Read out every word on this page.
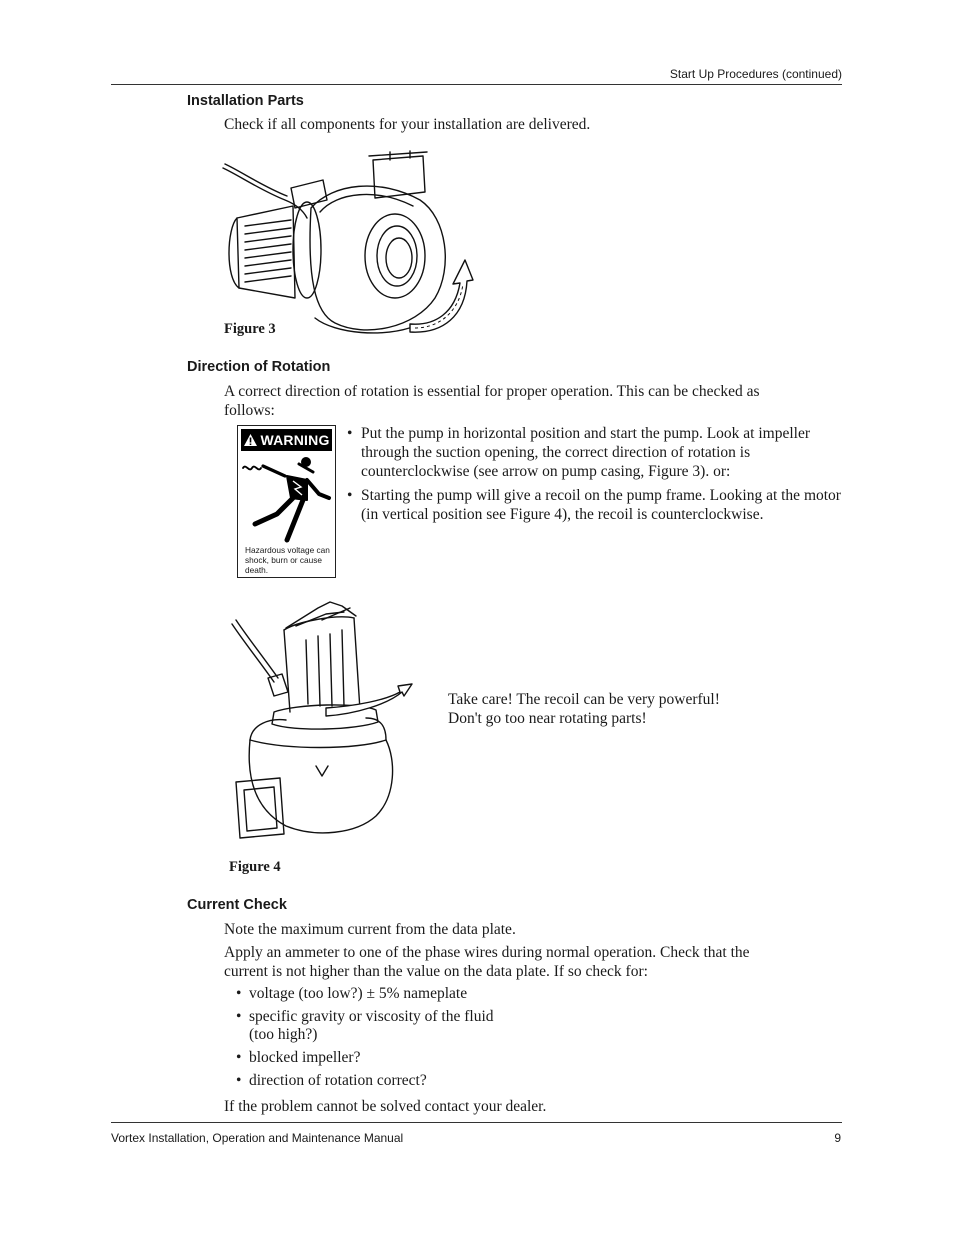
Start Up Procedures (continued)
Installation Parts
Check if all components for your installation are delivered.
Figure 3
Direction of Rotation
A correct direction of rotation is essential for proper operation. This can be checked as
follows:
WARNING
Hazardous voltage can shock, burn or cause death.
• Put the pump in horizontal position and start the pump. Look at impeller through the suction opening, the correct direction of rotation is counterclockwise (see arrow on pump casing, Figure 3). or:
• Starting the pump will give a recoil on the pump frame. Looking at the motor (in vertical position see Figure 4), the recoil is counterclockwise.
Take care! The recoil can be very powerful!
Don't go too near rotating parts!
Figure 4
Current Check
Note the maximum current from the data plate.
Apply an ammeter to one of the phase wires during normal operation. Check that the
current is not higher than the value on the data plate. If so check for:
• voltage (too low?) ± 5% nameplate
• specific gravity or viscosity of the fluid
(too high?)
• blocked impeller?
• direction of rotation correct?
If the problem cannot be solved contact your dealer.
Vortex Installation, Operation and Maintenance Manual	9
